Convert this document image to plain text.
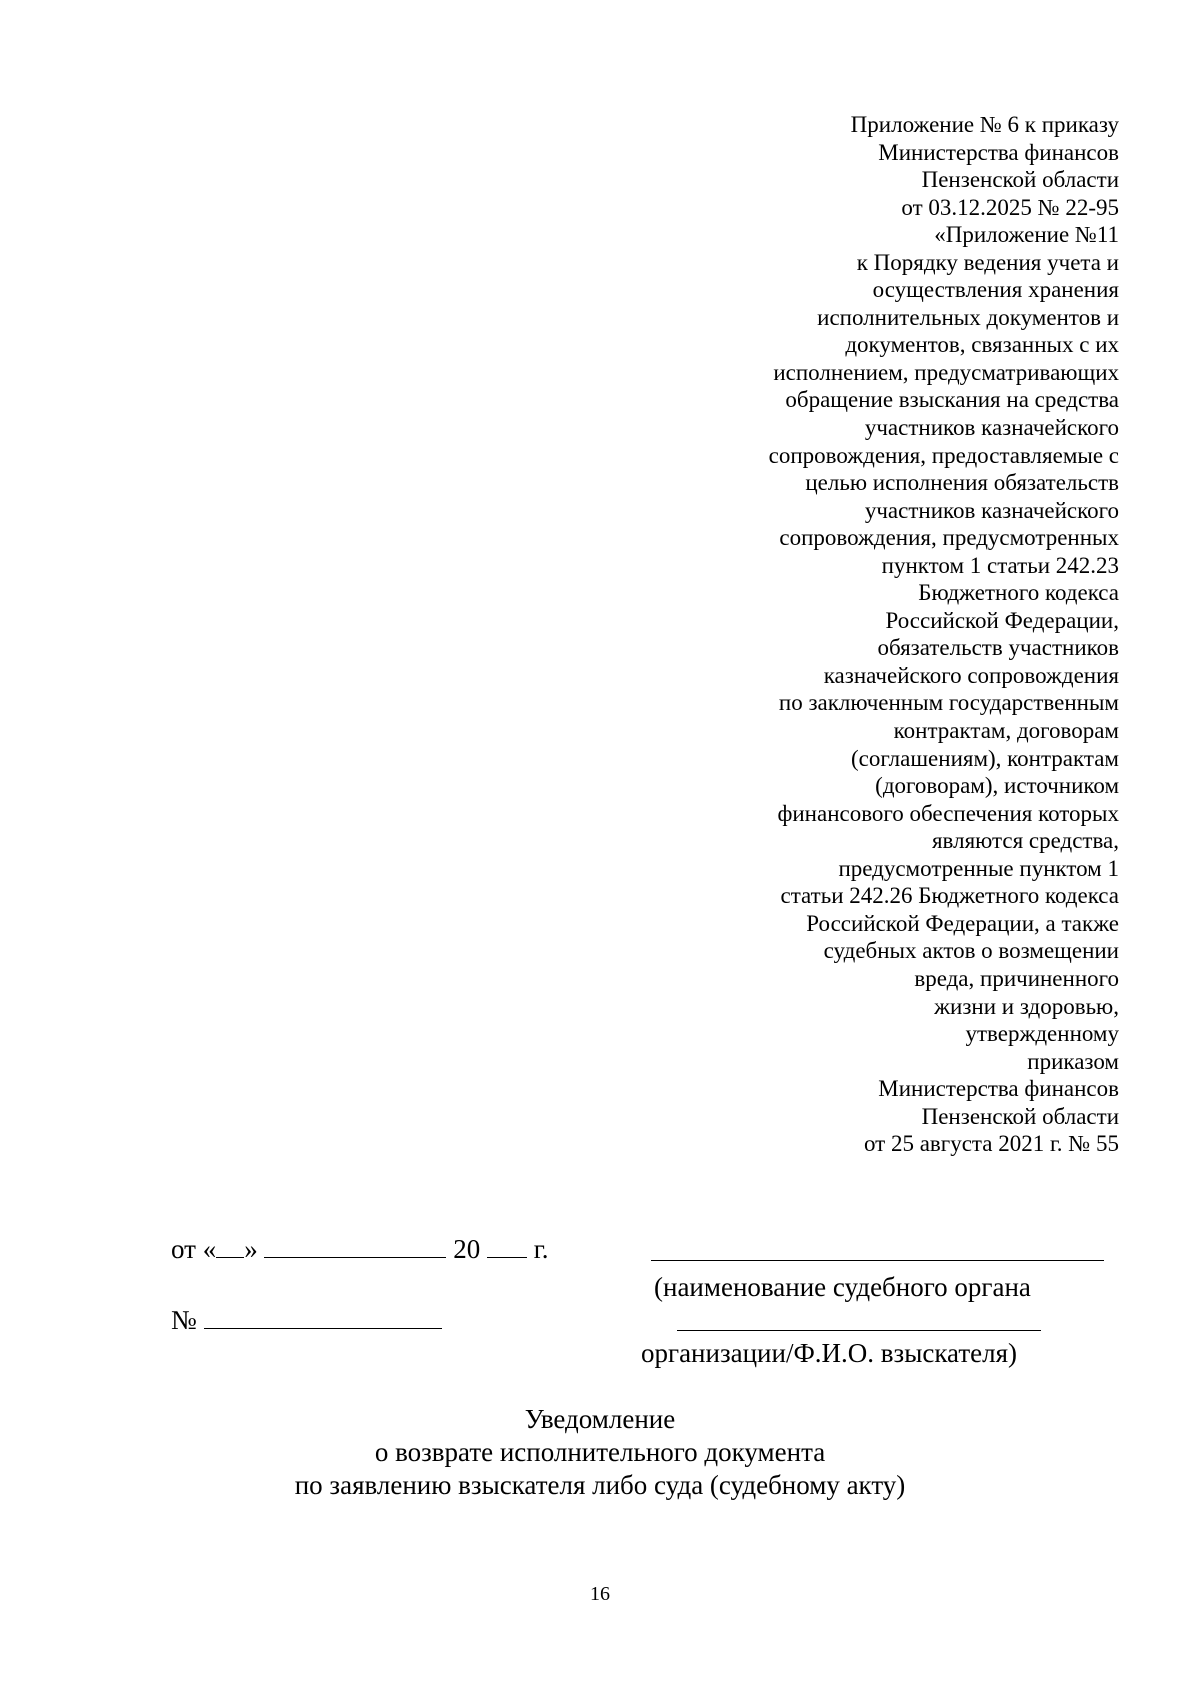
Приложение № 6 к приказу
Министерства финансов
Пензенской области
от 03.12.2025 № 22-95
«Приложение №11
к Порядку ведения учета и
осуществления хранения
исполнительных документов и
документов, связанных с их
исполнением, предусматривающих
обращение взыскания на средства
участников казначейского
сопровождения, предоставляемые с
целью исполнения обязательств
участников казначейского
сопровождения, предусмотренных
пунктом 1 статьи 242.23
Бюджетного кодекса
Российской Федерации,
обязательств участников
казначейского сопровождения
по заключенным государственным
контрактам, договорам
(соглашениям), контрактам
(договорам), источником
финансового обеспечения которых
являются средства,
предусмотренные пунктом 1
статьи 242.26 Бюджетного кодекса
Российской Федерации, а также
судебных актов о возмещении
вреда, причиненного
жизни и здоровью,
утвержденному
приказом
Министерства финансов
Пензенской области
от 25 августа 2021 г. № 55
от « »	20 г.
(наименование судебного органа
№
организации/Ф.И.О. взыскателя)
Уведомление
о возврате исполнительного документа
по заявлению взыскателя либо суда (судебному акту)
16
